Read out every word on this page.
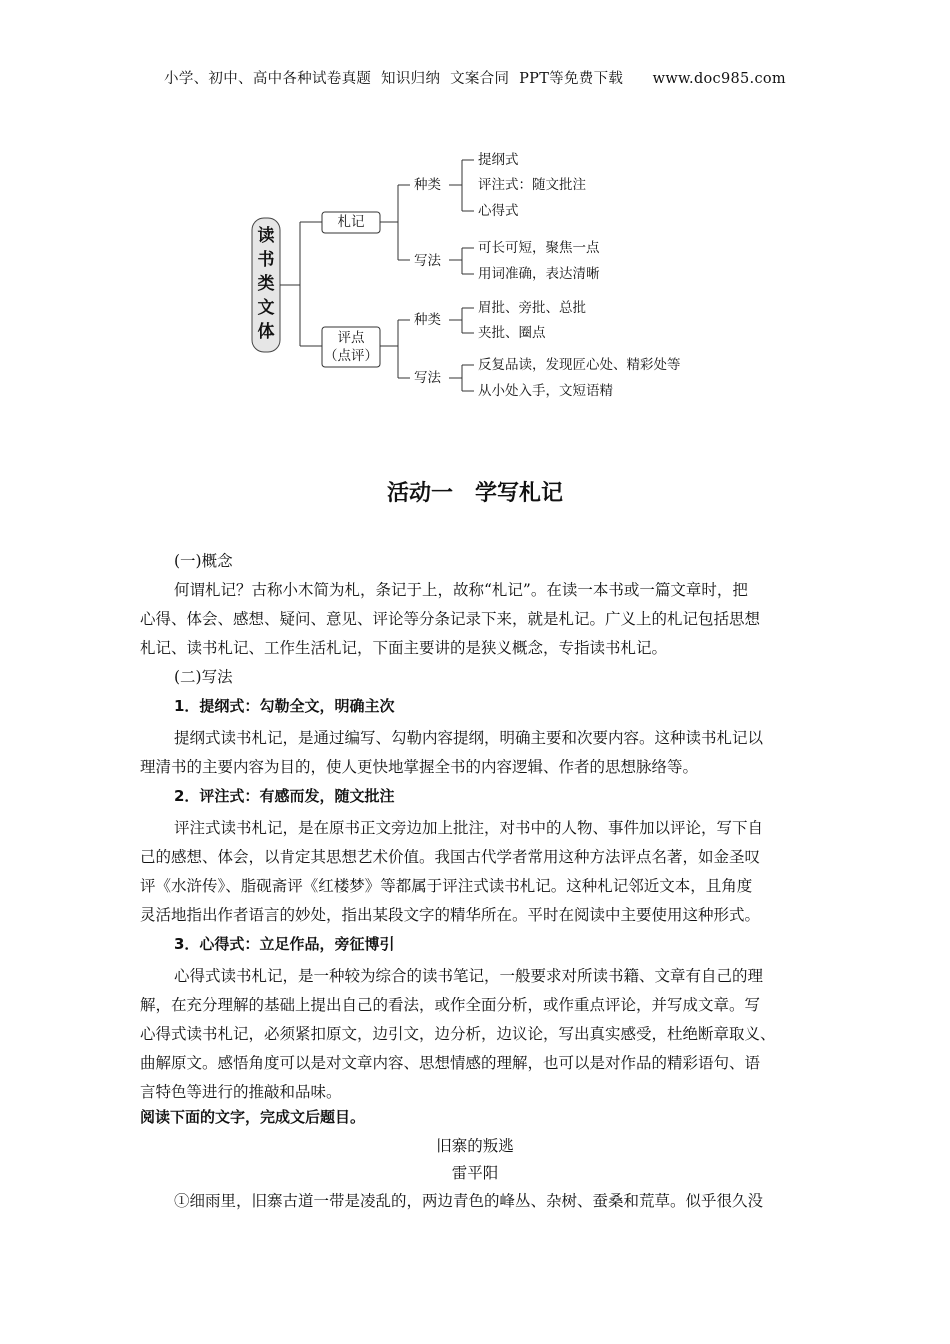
小学、初中、高中各种试卷真题  知识归纳  文案合同  PPT等免费下载      www.doc985.com
读
书
类
文
体
札记
评点
（点评）
种类
提纲式
评注式：随文批注
心得式
写法
可长可短，聚焦一点
用词准确，表达清晰
种类
眉批、旁批、总批
夹批、圈点
写法
反复品读，发现匠心处、精彩处等
从小处入手，文短语精
活动一　学写札记
(一)概念
何谓札记？古称小木简为札，条记于上，故称“札记”。在读一本书或一篇文章时，把
心得、体会、感想、疑问、意见、评论等分条记录下来，就是札记。广义上的札记包括思想
札记、读书札记、工作生活札记，下面主要讲的是狭义概念，专指读书札记。
(二)写法
1．提纲式：勾勒全文，明确主次
提纲式读书札记，是通过编写、勾勒内容提纲，明确主要和次要内容。这种读书札记以
理清书的主要内容为目的，使人更快地掌握全书的内容逻辑、作者的思想脉络等。
2．评注式：有感而发，随文批注
评注式读书札记，是在原书正文旁边加上批注，对书中的人物、事件加以评论，写下自
己的感想、体会，以肯定其思想艺术价值。我国古代学者常用这种方法评点名著，如金圣叹
评《水浒传》、脂砚斋评《红楼梦》等都属于评注式读书札记。这种札记邻近文本，且角度
灵活地指出作者语言的妙处，指出某段文字的精华所在。平时在阅读中主要使用这种形式。
3．心得式：立足作品，旁征博引
心得式读书札记，是一种较为综合的读书笔记，一般要求对所读书籍、文章有自己的理
解，在充分理解的基础上提出自己的看法，或作全面分析，或作重点评论，并写成文章。写
心得式读书札记，必须紧扣原文，边引文，边分析，边议论，写出真实感受，杜绝断章取义、
曲解原文。感悟角度可以是对文章内容、思想情感的理解，也可以是对作品的精彩语句、语
言特色等进行的推敲和品味。
阅读下面的文字，完成文后题目。
旧寨的叛逃
雷平阳
①细雨里，旧寨古道一带是凌乱的，两边青色的峰丛、杂树、蚕桑和荒草。似乎很久没
